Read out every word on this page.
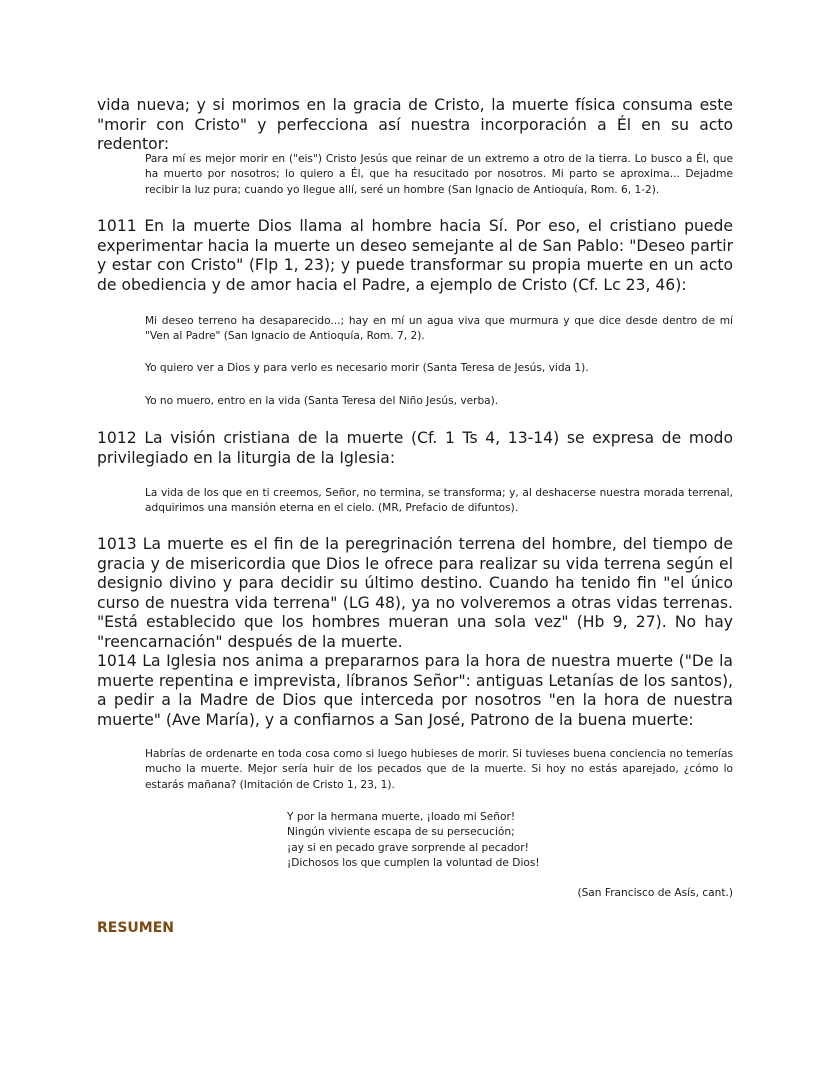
vida nueva; y si morimos en la gracia de Cristo, la muerte física consuma este "morir con Cristo" y perfecciona así nuestra incorporación a Él en su acto redentor:

Para mí es mejor morir en ("eis") Cristo Jesús que reinar de un extremo a otro de la tierra. Lo busco a Él, que ha muerto por nosotros; lo quiero a Él, que ha resucitado por nosotros. Mi parto se aproxima... Dejadme recibir la luz pura; cuando yo llegue allí, seré un hombre (San Ignacio de Antioquía, Rom. 6, 1-2).

1011 En la muerte Dios llama al hombre hacia Sí. Por eso, el cristiano puede experimentar hacia la muerte un deseo semejante al de San Pablo: "Deseo partir y estar con Cristo" (Flp 1, 23); y puede transformar su propia muerte en un acto de obediencia y de amor hacia el Padre, a ejemplo de Cristo (Cf. Lc 23, 46):

Mi deseo terreno ha desaparecido...; hay en mí un agua viva que murmura y que dice desde dentro de mí "Ven al Padre" (San Ignacio de Antioquía, Rom. 7, 2).

Yo quiero ver a Dios y para verlo es necesario morir (Santa Teresa de Jesús, vida 1).

Yo no muero, entro en la vida (Santa Teresa del Niño Jesús, verba).

1012 La visión cristiana de la muerte (Cf. 1 Ts 4, 13-14) se expresa de modo privilegiado en la liturgia de la Iglesia:

La vida de los que en ti creemos, Señor, no termina, se transforma; y, al deshacerse nuestra morada terrenal, adquirimos una mansión eterna en el cielo. (MR, Prefacio de difuntos).

1013 La muerte es el fin de la peregrinación terrena del hombre, del tiempo de gracia y de misericordia que Dios le ofrece para realizar su vida terrena según el designio divino y para decidir su último destino. Cuando ha tenido fin "el único curso de nuestra vida terrena" (LG 48), ya no volveremos a otras vidas terrenas. "Está establecido que los hombres mueran una sola vez" (Hb 9, 27). No hay "reencarnación" después de la muerte.

1014 La Iglesia nos anima a prepararnos para la hora de nuestra muerte ("De la muerte repentina e imprevista, líbranos Señor": antiguas Letanías de los santos), a pedir a la Madre de Dios que interceda por nosotros "en la hora de nuestra muerte" (Ave María), y a confiarnos a San José, Patrono de la buena muerte:

Habrías de ordenarte en toda cosa como si luego hubieses de morir. Si tuvieses buena conciencia no temerías mucho la muerte. Mejor sería huir de los pecados que de la muerte. Si hoy no estás aparejado, ¿cómo lo estarás mañana? (Imitación de Cristo 1, 23, 1).

Y por la hermana muerte, ¡loado mi Señor!
Ningún viviente escapa de su persecución;
¡ay si en pecado grave sorprende al pecador!
¡Dichosos los que cumplen la voluntad de Dios!

(San Francisco de Asís, cant.)

RESUMEN
